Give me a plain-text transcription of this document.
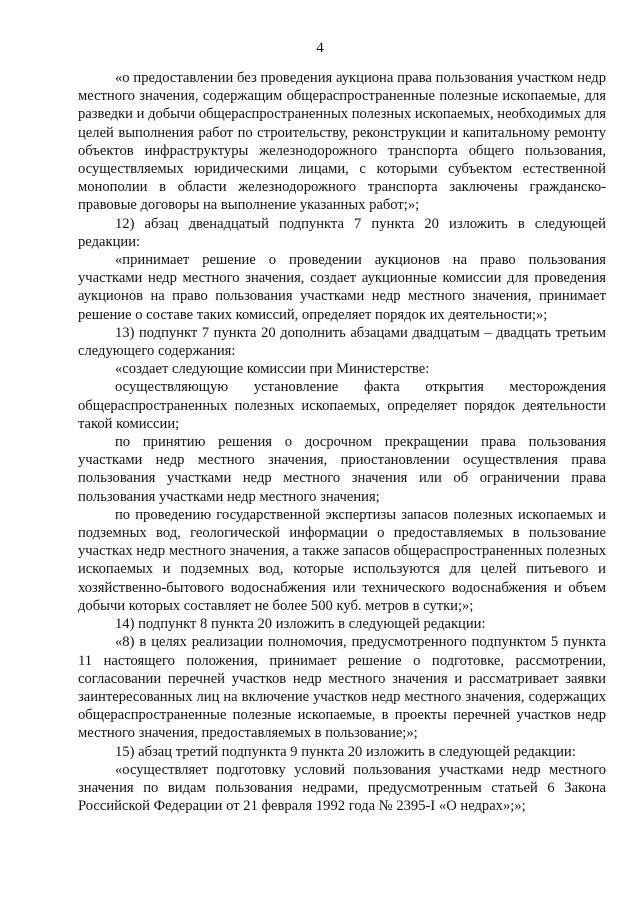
4

«о предоставлении без проведения аукциона права пользования участком недр местного значения, содержащим общераспространенные полезные ископаемые, для разведки и добычи общераспространенных полезных ископаемых, необходимых для целей выполнения работ по строительству, реконструкции и капитальному ремонту объектов инфраструктуры железнодорожного транспорта общего пользования, осуществляемых юридическими лицами, с которыми субъектом естественной монополии в области железнодорожного транспорта заключены гражданско-правовые договоры на выполнение указанных работ;»;

12) абзац двенадцатый подпункта 7 пункта 20 изложить в следующей редакции:

«принимает решение о проведении аукционов на право пользования участками недр местного значения, создает аукционные комиссии для проведения аукционов на право пользования участками недр местного значения, принимает решение о составе таких комиссий, определяет порядок их деятельности;»;

13) подпункт 7 пункта 20 дополнить абзацами двадцатым – двадцать третьим следующего содержания:

«создает следующие комиссии при Министерстве:

осуществляющую установление факта открытия месторождения общераспространенных полезных ископаемых, определяет порядок деятельности такой комиссии;

по принятию решения о досрочном прекращении права пользования участками недр местного значения, приостановлении осуществления права пользования участками недр местного значения или об ограничении права пользования участками недр местного значения;

по проведению государственной экспертизы запасов полезных ископаемых и подземных вод, геологической информации о предоставляемых в пользование участках недр местного значения, а также запасов общераспространенных полезных ископаемых и подземных вод, которые используются для целей питьевого и хозяйственно-бытового водоснабжения или технического водоснабжения и объем добычи которых составляет не более 500 куб. метров в сутки;»;

14) подпункт 8 пункта 20 изложить в следующей редакции:

«8) в целях реализации полномочия, предусмотренного подпунктом 5 пункта 11 настоящего положения, принимает решение о подготовке, рассмотрении, согласовании перечней участков недр местного значения и рассматривает заявки заинтересованных лиц на включение участков недр местного значения, содержащих общераспространенные полезные ископаемые, в проекты перечней участков недр местного значения, предоставляемых в пользование;»;

15) абзац третий подпункта 9 пункта 20 изложить в следующей редакции:

«осуществляет подготовку условий пользования участками недр местного значения по видам пользования недрами, предусмотренным статьей 6 Закона Российской Федерации от 21 февраля 1992 года № 2395-I «О недрах»;»;
